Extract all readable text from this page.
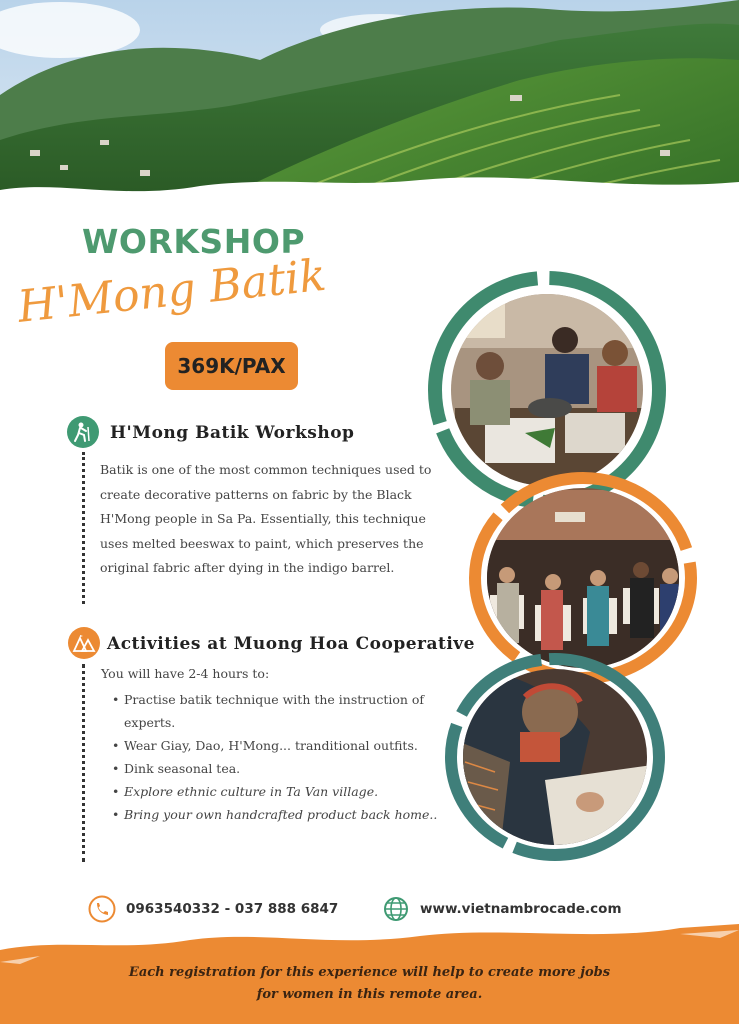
WORKSHOP
H'Mong Batik
369K/PAX
H'Mong Batik Workshop
Batik is one of the most common techniques used to
create decorative patterns on fabric by the Black
H'Mong people in Sa Pa. Essentially, this technique
uses melted beeswax to paint, which preserves the
original fabric after dying in the indigo barrel.
Activities at Muong Hoa Cooperative
You will have 2-4 hours to:
• Practise batik technique with the instruction of
experts.
• Wear Giay, Dao, H'Mong... tranditional outfits.
• Dink seasonal tea.
• Explore ethnic culture in Ta Van village.
• Bring your own handcrafted product back home..
0963540332 - 037 888 6847	www.vietnambrocade.com
Each registration for this experience will help to create more jobs
for women in this remote area.
